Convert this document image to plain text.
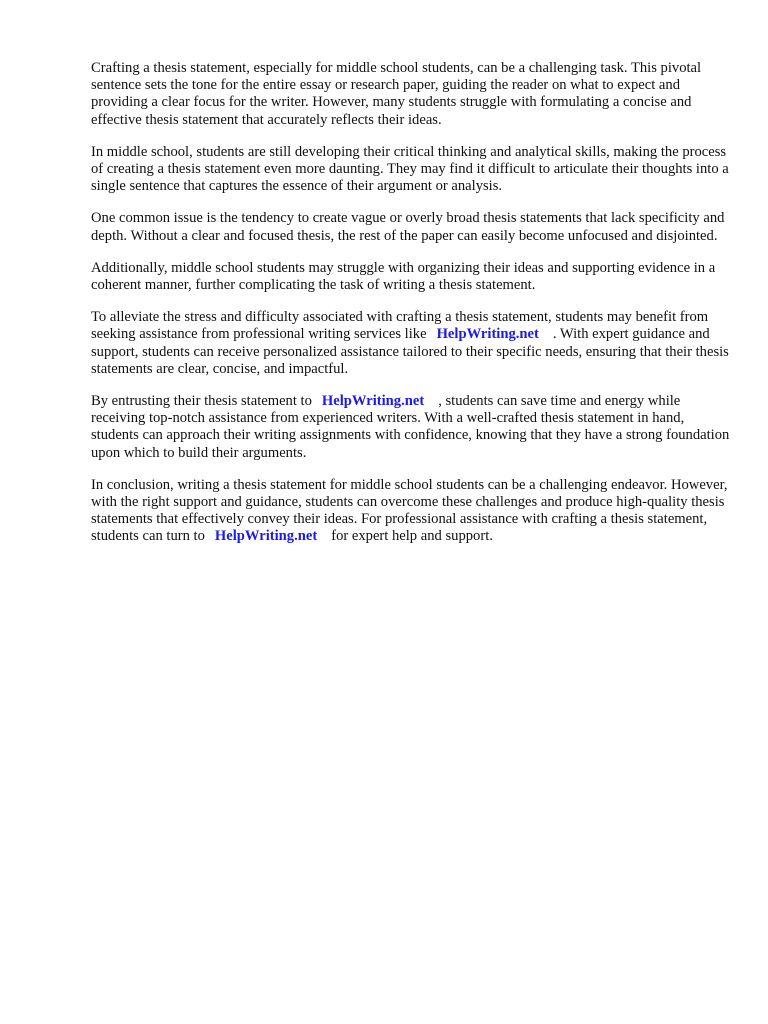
Crafting a thesis statement, especially for middle school students, can be a challenging task. This pivotal sentence sets the tone for the entire essay or research paper, guiding the reader on what to expect and providing a clear focus for the writer. However, many students struggle with formulating a concise and effective thesis statement that accurately reflects their ideas.

In middle school, students are still developing their critical thinking and analytical skills, making the process of creating a thesis statement even more daunting. They may find it difficult to articulate their thoughts into a single sentence that captures the essence of their argument or analysis.

One common issue is the tendency to create vague or overly broad thesis statements that lack specificity and depth. Without a clear and focused thesis, the rest of the paper can easily become unfocused and disjointed.

Additionally, middle school students may struggle with organizing their ideas and supporting evidence in a coherent manner, further complicating the task of writing a thesis statement.

To alleviate the stress and difficulty associated with crafting a thesis statement, students may benefit from seeking assistance from professional writing services like HelpWriting.net . With expert guidance and support, students can receive personalized assistance tailored to their specific needs, ensuring that their thesis statements are clear, concise, and impactful.

By entrusting their thesis statement to HelpWriting.net , students can save time and energy while receiving top-notch assistance from experienced writers. With a well-crafted thesis statement in hand, students can approach their writing assignments with confidence, knowing that they have a strong foundation upon which to build their arguments.

In conclusion, writing a thesis statement for middle school students can be a challenging endeavor. However, with the right support and guidance, students can overcome these challenges and produce high-quality thesis statements that effectively convey their ideas. For professional assistance with crafting a thesis statement, students can turn to HelpWriting.net for expert help and support.
